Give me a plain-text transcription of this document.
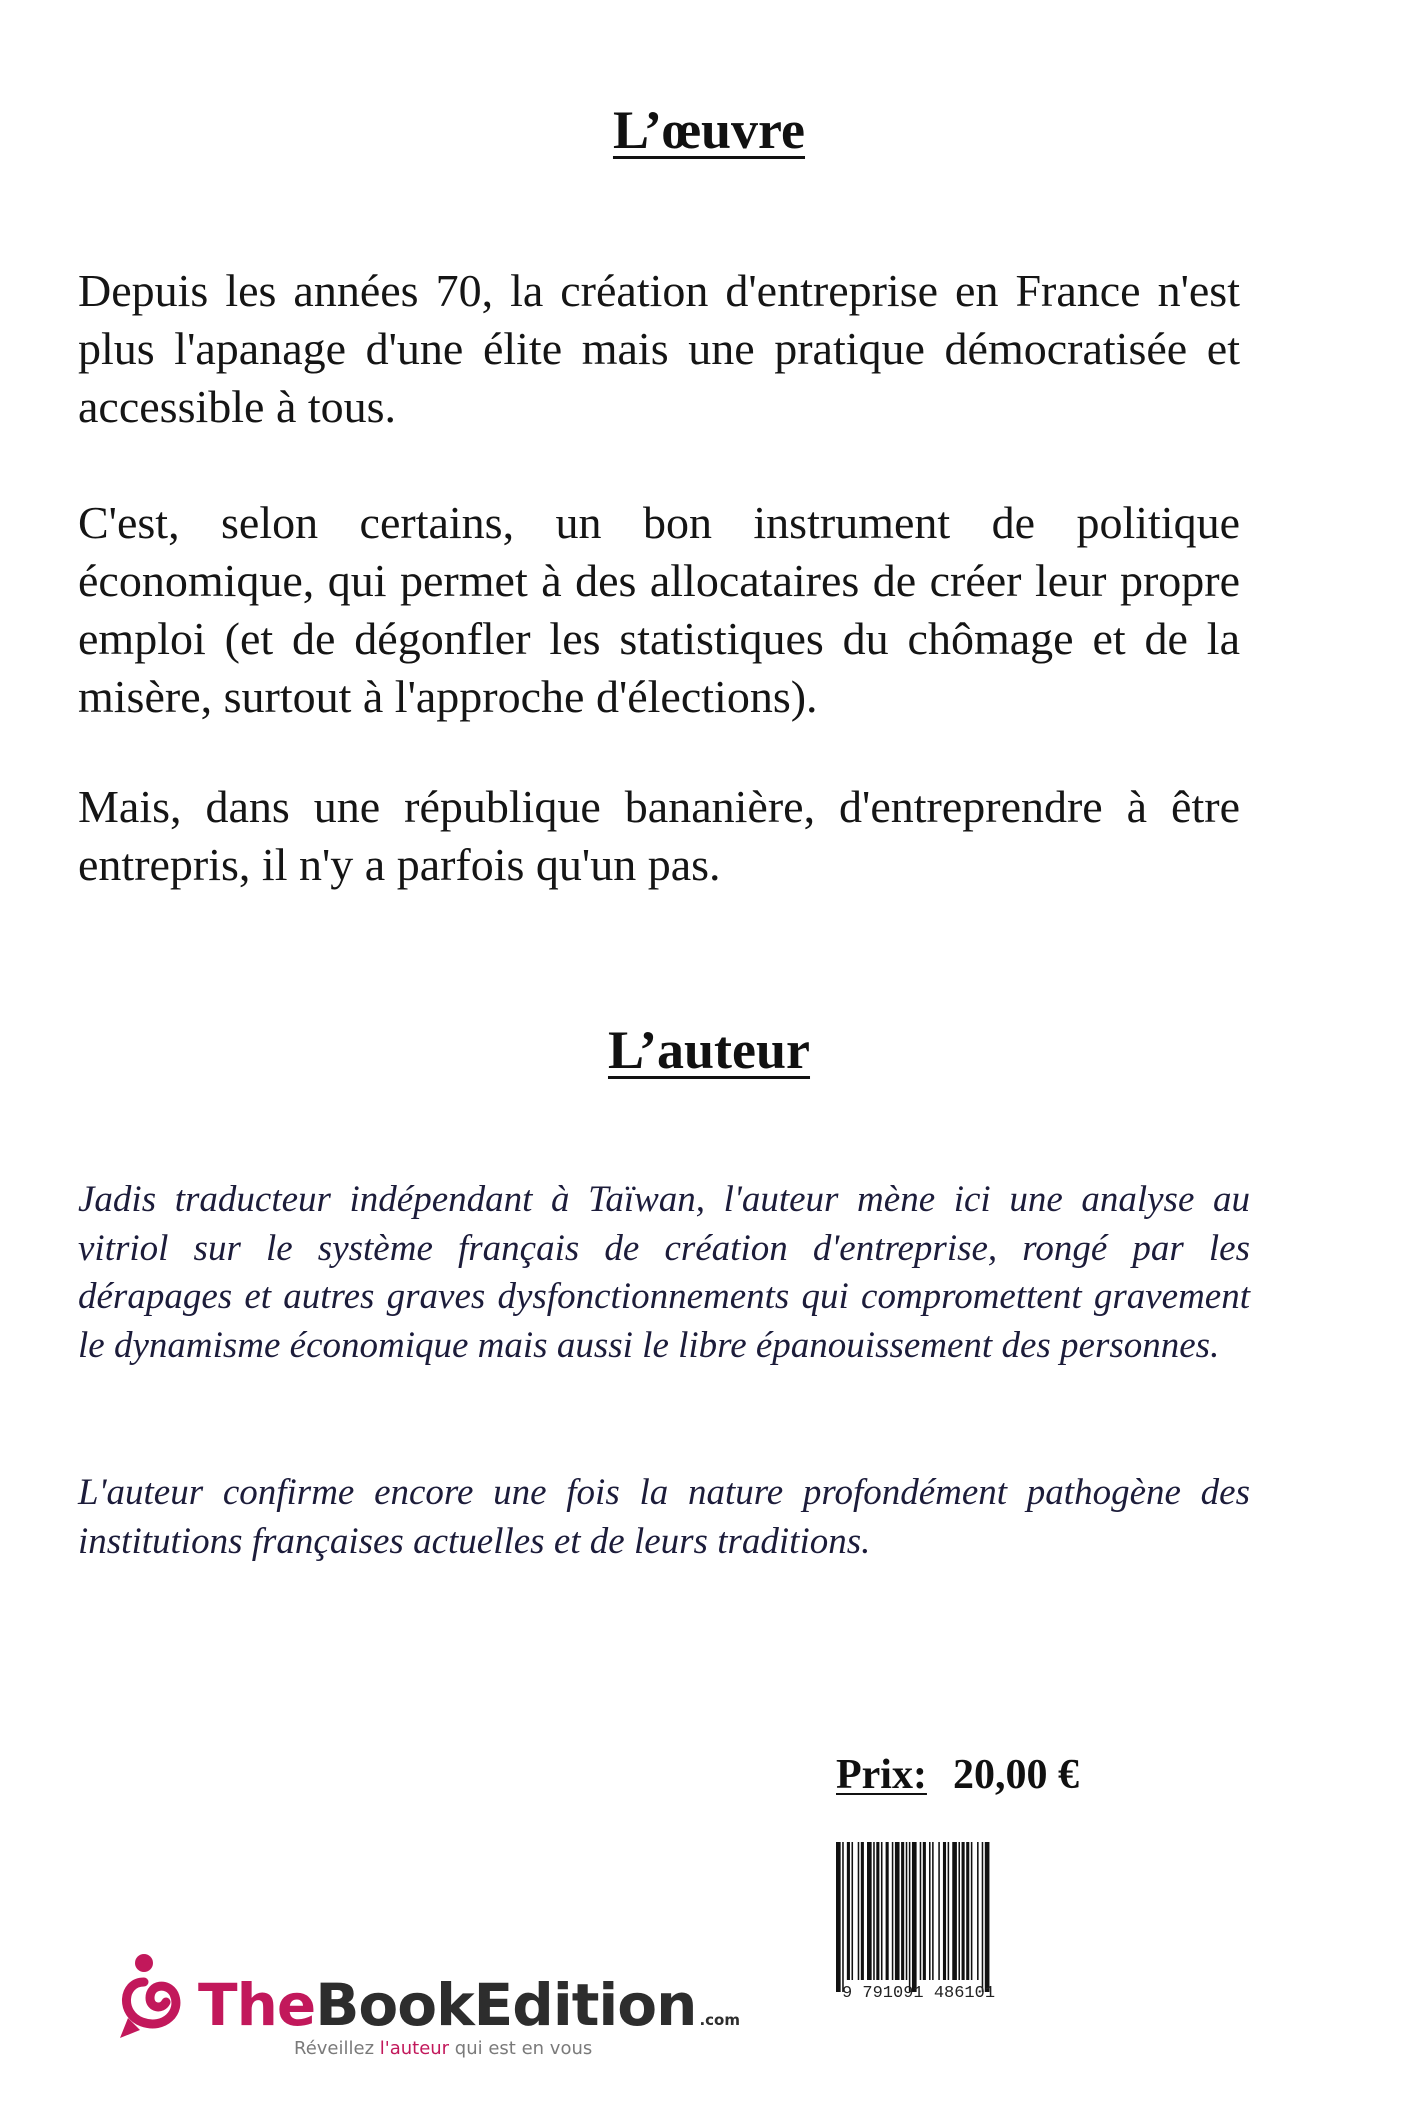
L’œuvre

Depuis les années 70, la création d'entreprise en France n'est plus l'apanage d'une élite mais une pratique démocratisée et accessible à tous.

C'est, selon certains, un bon instrument de politique économique, qui permet à des allocataires de créer leur propre emploi (et de dégonfler les statistiques du chômage et de la misère, surtout à l'approche d'élections).

Mais, dans une république bananière, d'entreprendre à être entrepris, il n'y a parfois qu'un pas.

L’auteur

Jadis traducteur indépendant à Taïwan, l'auteur mène ici une analyse au vitriol sur le système français de création d'entreprise, rongé par les dérapages et autres graves dysfonctionnements qui compromettent gravement le dynamisme économique mais aussi le libre épanouissement des personnes.

L'auteur confirme encore une fois la nature profondément pathogène des institutions françaises actuelles et de leurs traditions.

Prix: 20,00 €
9 791091 486101
TheBookEdition .com
Réveillez l'auteur qui est en vous
